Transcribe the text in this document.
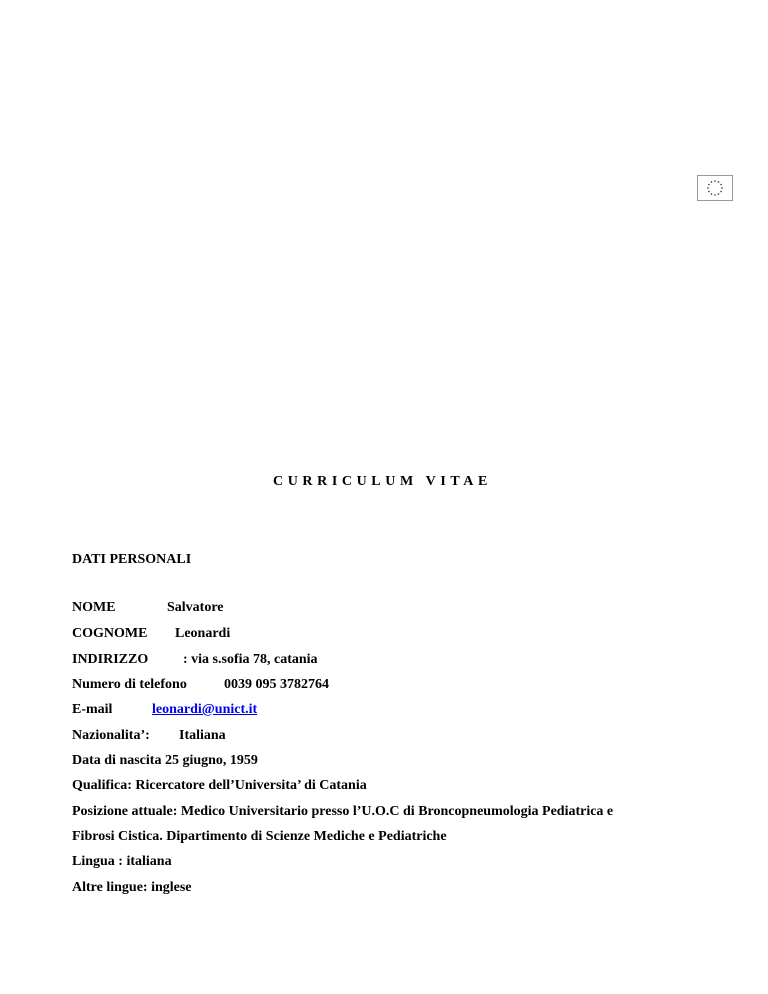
CURRICULUM VITAE
DATI PERSONALI
NOME	Salvatore
COGNOME Leonardi
INDIRIZZO : via s.sofia 78, catania
Numero di telefono	0039 095 3782764
E-mail	leonardi@unict.it
Nazionalita’: Italiana
Data di nascita 25 giugno, 1959
Qualifica: Ricercatore dell’Universita’ di Catania
Posizione attuale: Medico Universitario presso l’U.O.C di Broncopneumologia Pediatrica e
Fibrosi Cistica. Dipartimento di Scienze Mediche e Pediatriche
Lingua : italiana
Altre lingue: inglese
